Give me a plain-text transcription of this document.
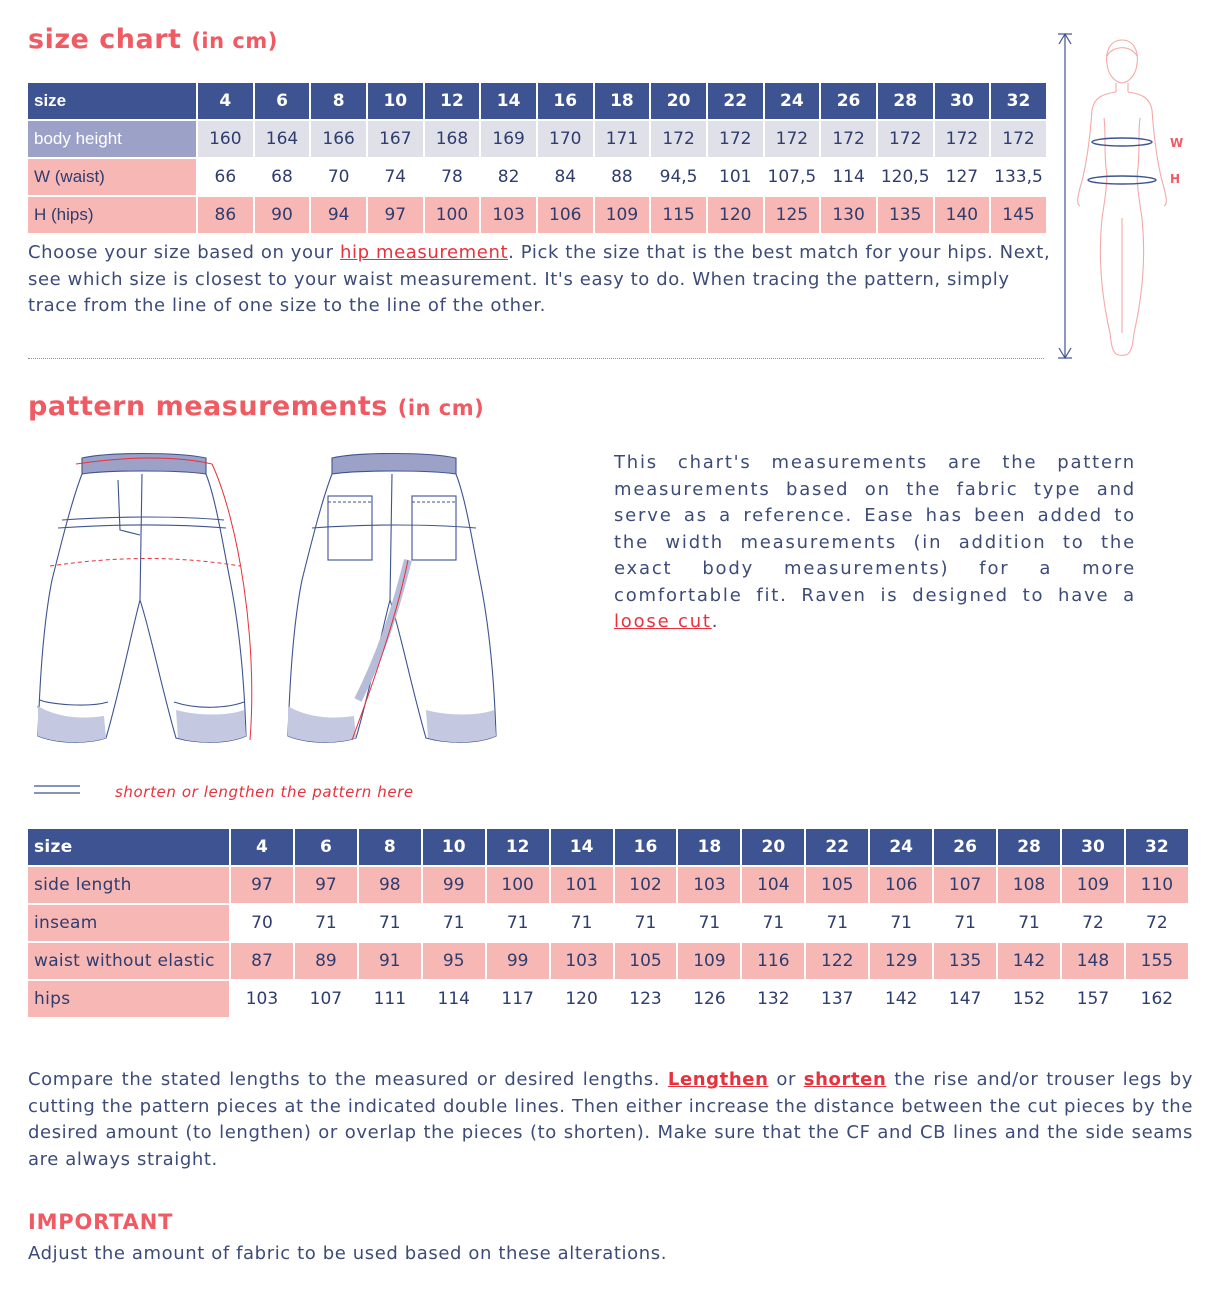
size chart (in cm)
size	4	6	8	10	12	14	16	18	20	22	24	26	28	30	32
body height	160	164	166	167	168	169	170	171	172	172	172	172	172	172	172
W (waist)	66	68	70	74	78	82	84	88	94,5	101	107,5	114	120,5	127	133,5
H (hips)	86	90	94	97	100	103	106	109	115	120	125	130	135	140	145

Choose your size based on your hip measurement. Pick the size that is the best match for your hips. Next, see which size is closest to your waist measurement. It's easy to do. When tracing the pattern, simply trace from the line of one size to the line of the other.

W
H
pattern measurements (in cm)

This chart's measurements are the pattern measurements based on the fabric type and serve as a reference. Ease has been added to the width measurements (in addition to the exact body measurements) for a more comfortable fit. Raven is designed to have a loose cut.

shorten or lengthen the pattern here
size	4	6	8	10	12	14	16	18	20	22	24	26	28	30	32
side length	97	97	98	99	100	101	102	103	104	105	106	107	108	109	110
inseam	70	71	71	71	71	71	71	71	71	71	71	71	71	72	72
waist without elastic	87	89	91	95	99	103	105	109	116	122	129	135	142	148	155
hips	103	107	111	114	117	120	123	126	132	137	142	147	152	157	162

Compare the stated lengths to the measured or desired lengths. Lengthen or shorten the rise and/or trouser legs by cutting the pattern pieces at the indicated double lines. Then either increase the distance between the cut pieces by the desired amount (to lengthen) or overlap the pieces (to shorten). Make sure that the CF and CB lines and the side seams are always straight.

IMPORTANT

Adjust the amount of fabric to be used based on these alterations.
